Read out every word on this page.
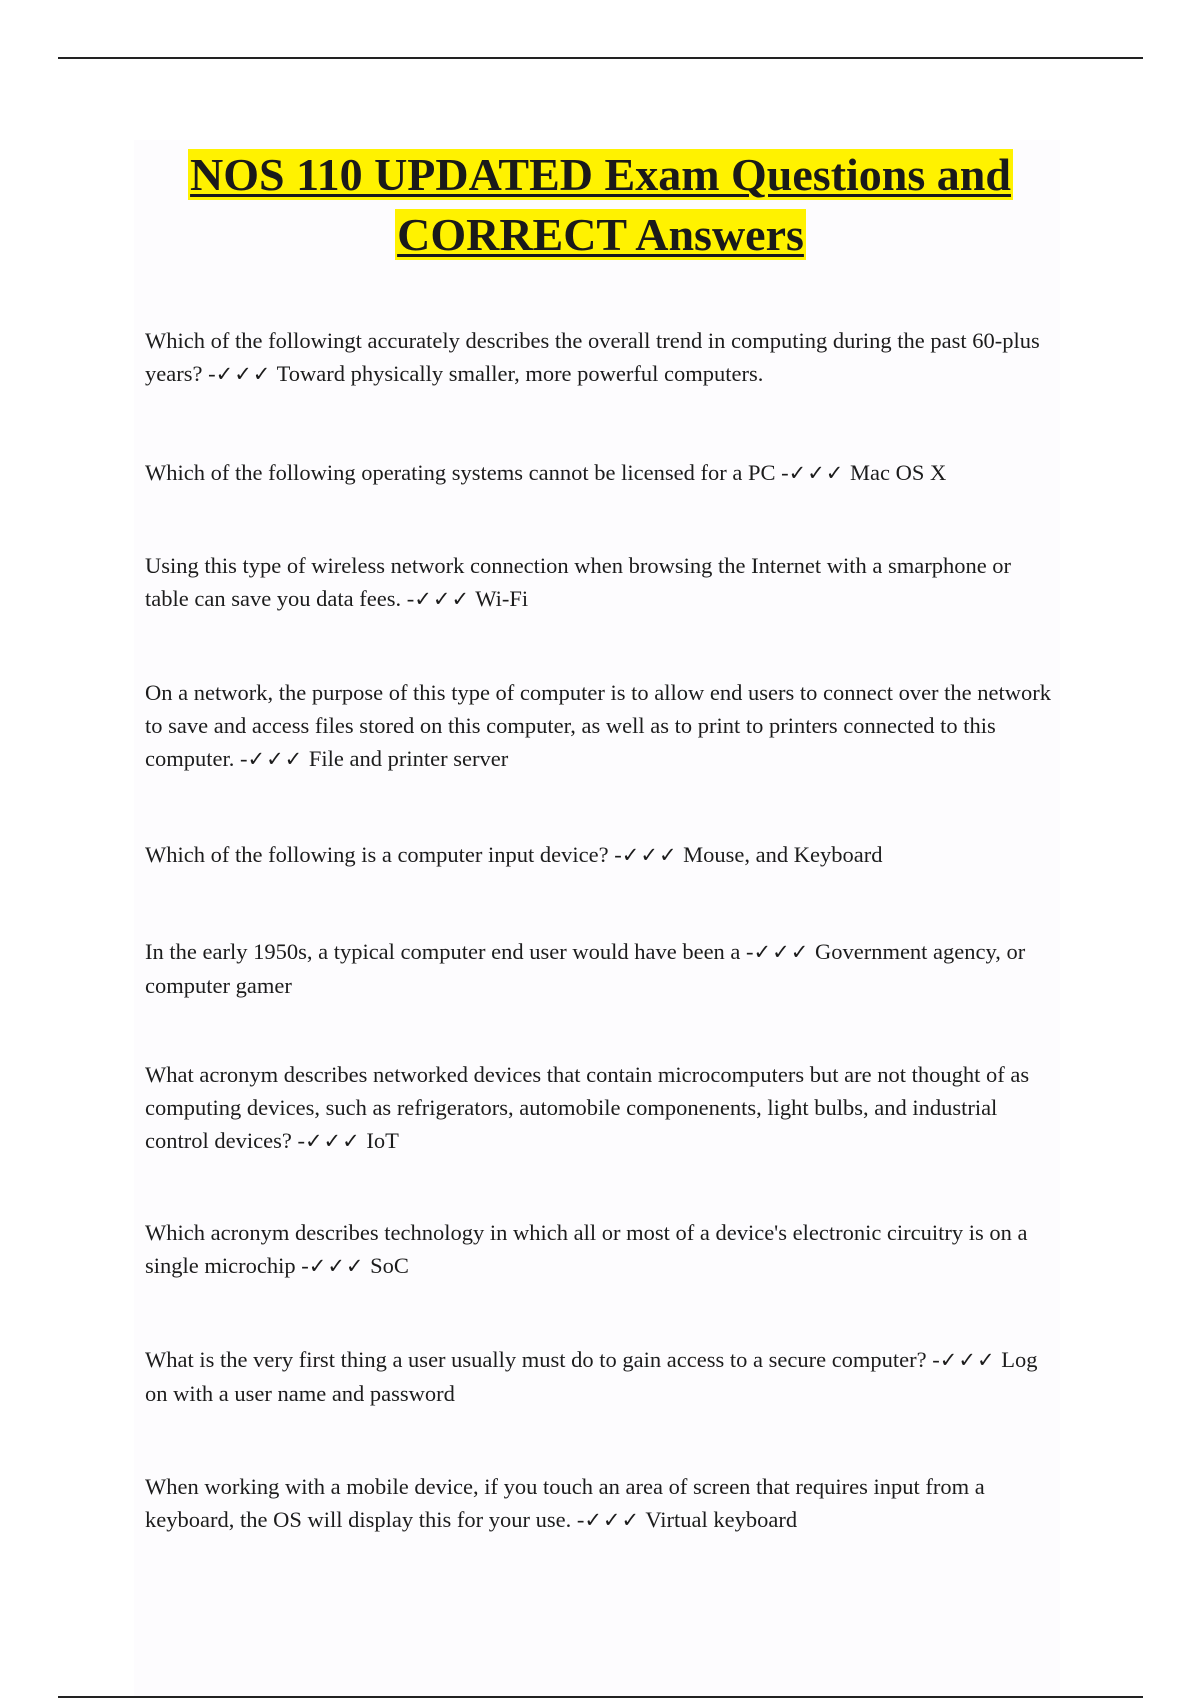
NOS 110 UPDATED Exam Questions and
CORRECT Answers

Which of the followingt accurately describes the overall trend in computing during the past 60-plus years? -✓✓✓ Toward physically smaller, more powerful computers.

Which of the following operating systems cannot be licensed for a PC -✓✓✓ Mac OS X

Using this type of wireless network connection when browsing the Internet with a smarphone or table can save you data fees. -✓✓✓ Wi-Fi

On a network, the purpose of this type of computer is to allow end users to connect over the network to save and access files stored on this computer, as well as to print to printers connected to this computer. -✓✓✓ File and printer server

Which of the following is a computer input device? -✓✓✓ Mouse, and Keyboard

In the early 1950s, a typical computer end user would have been a -✓✓✓ Government agency, or computer gamer

What acronym describes networked devices that contain microcomputers but are not thought of as computing devices, such as refrigerators, automobile componenents, light bulbs, and industrial control devices? -✓✓✓ IoT

Which acronym describes technology in which all or most of a device's electronic circuitry is on a single microchip -✓✓✓ SoC

What is the very first thing a user usually must do to gain access to a secure computer? -✓✓✓ Log on with a user name and password

When working with a mobile device, if you touch an area of screen that requires input from a keyboard, the OS will display this for your use. -✓✓✓ Virtual keyboard
